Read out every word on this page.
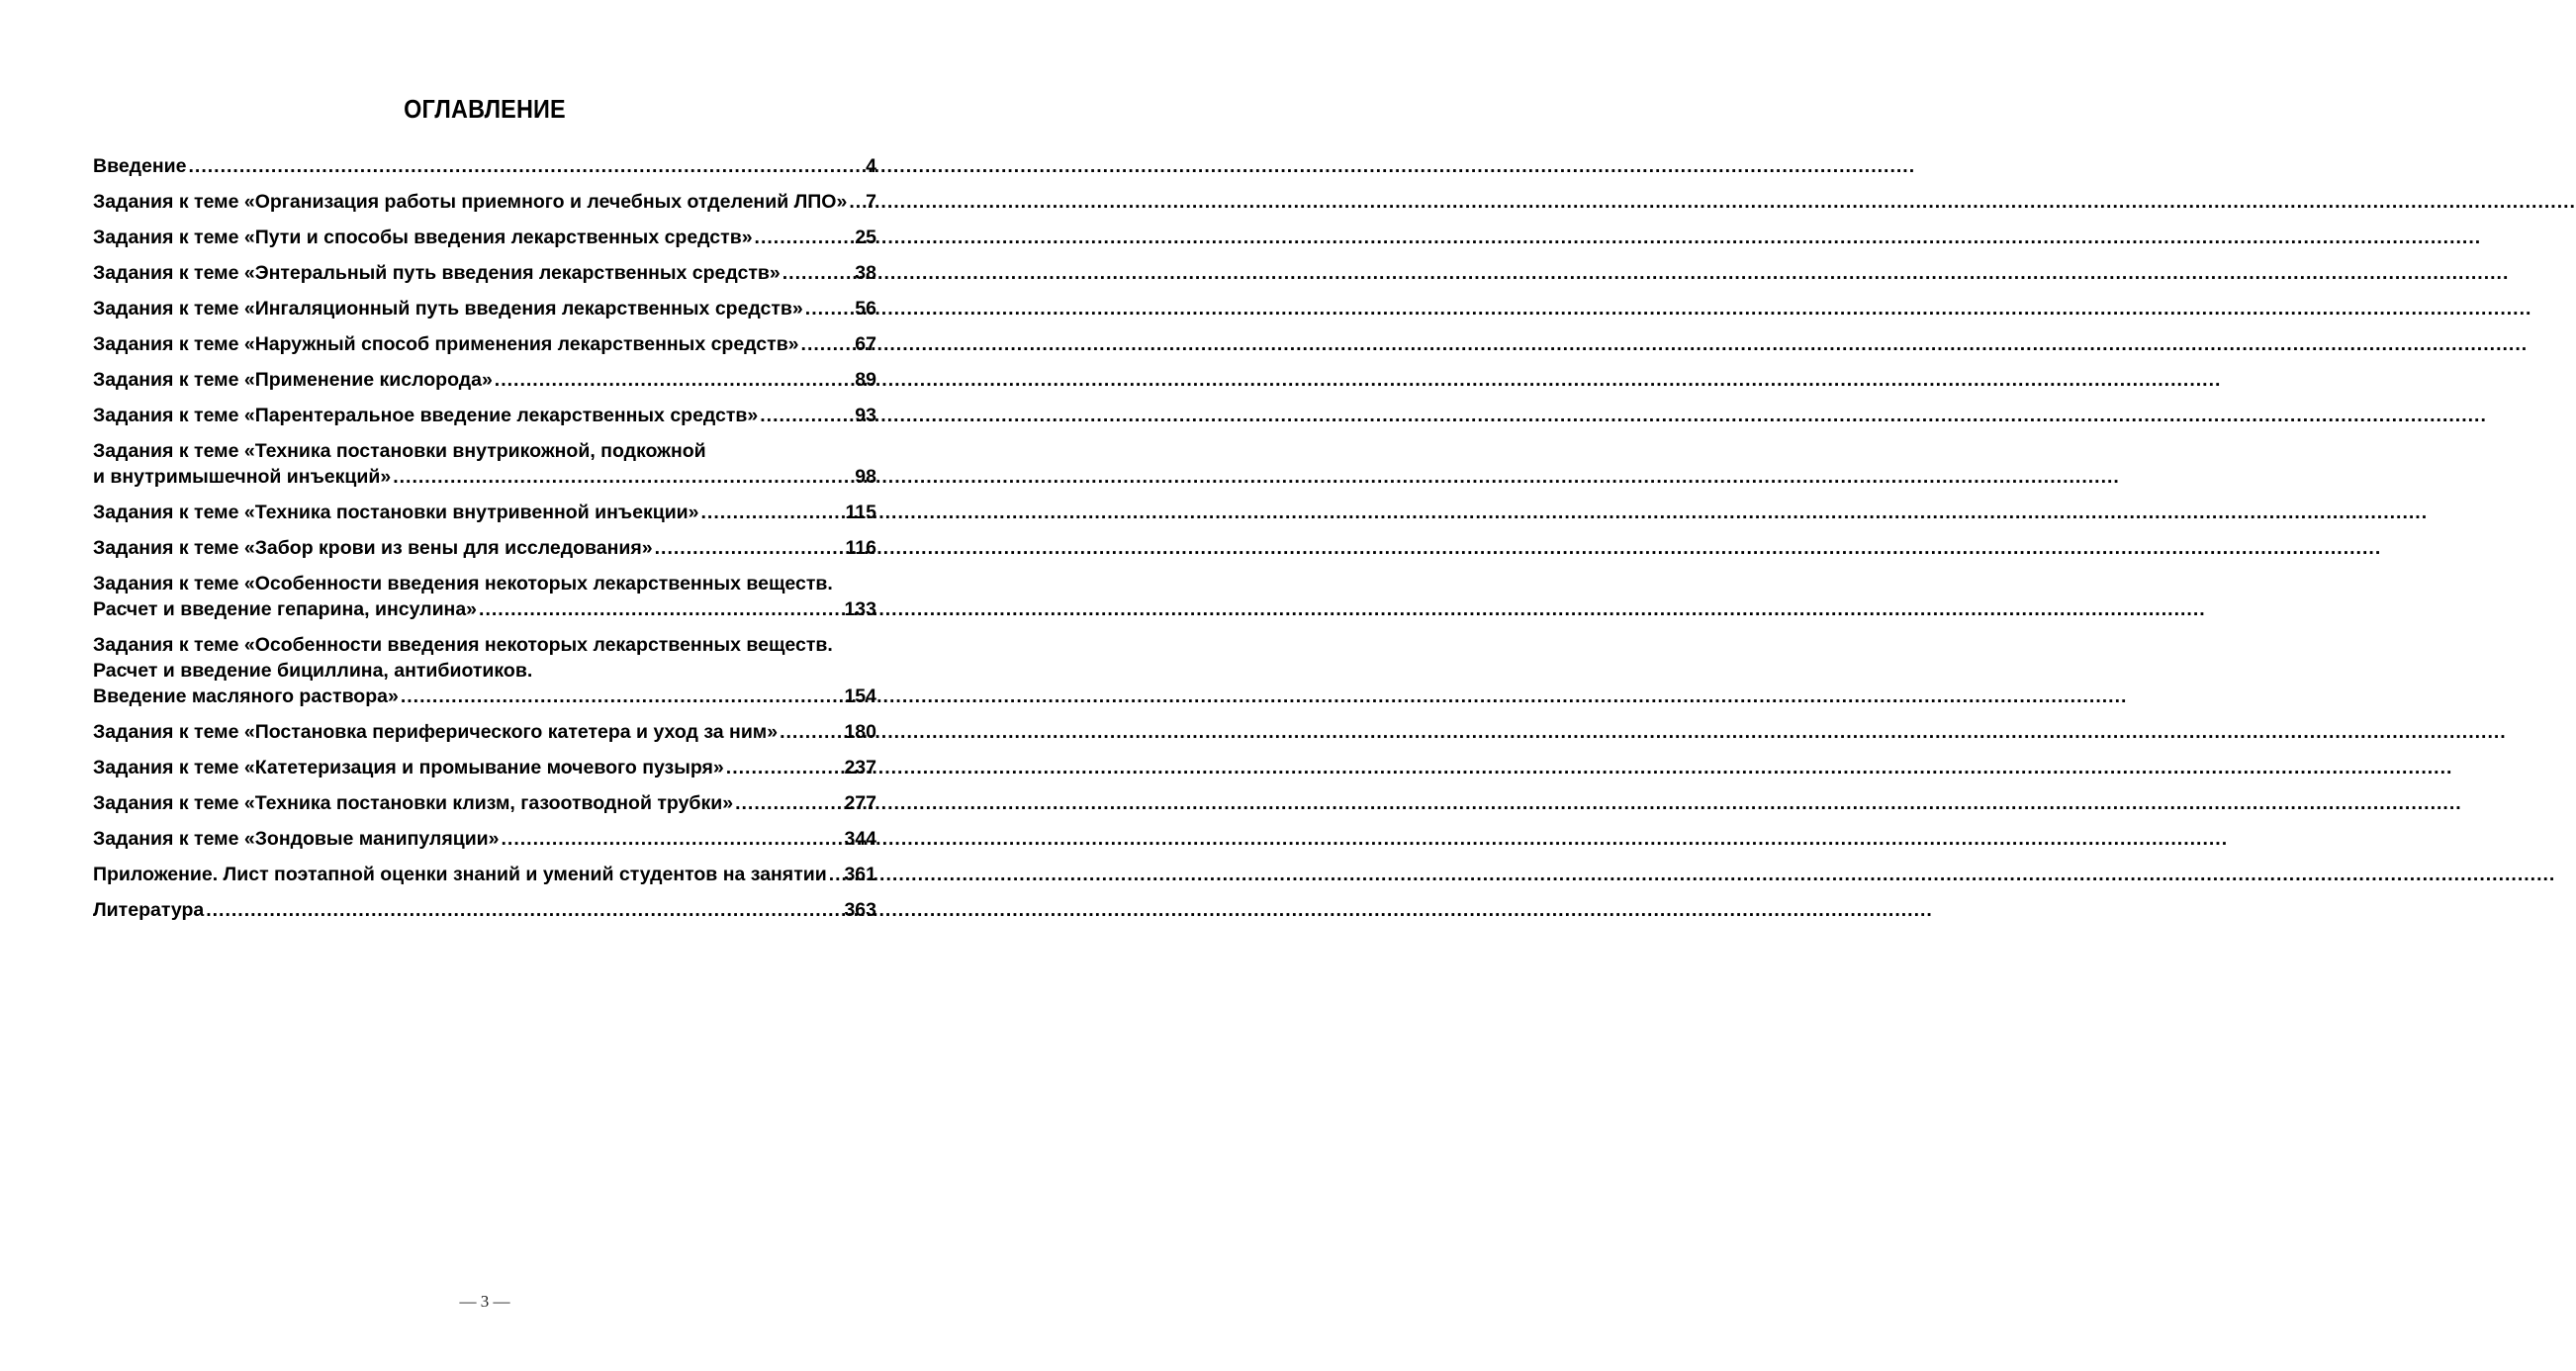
ОГЛАВЛЕНИЕ
Введение .....	4
Задания к теме «Организация работы приемного и лечебных отделений ЛПО» ..... 7
Задания к теме «Пути и способы введения лекарственных средств» .....	25
Задания к теме «Энтеральный путь введения лекарственных средств» .....	38
Задания к теме «Ингаляционный путь введения лекарственных средств» .....	56
Задания к теме «Наружный способ применения лекарственных средств» .....	67
Задания к теме «Применение кислорода» .....	89
Задания к теме «Парентеральное введение лекарственных средств» .....	93
Задания к теме «Техника постановки внутрикожной, подкожной
и внутримышечной инъекций» .....	98
Задания к теме «Техника постановки внутривенной инъекции» .....	115
Задания к теме «Забор крови из вены для исследования» .....	116
Задания к теме «Особенности введения некоторых лекарственных веществ.
Расчет и введение гепарина, инсулина» .....	133
Задания к теме «Особенности введения некоторых лекарственных веществ.
Расчет и введение бициллина, антибиотиков.
Введение масляного раствора» .....	154
Задания к теме «Постановка периферического катетера и уход за ним» .....	180
Задания к теме «Катетеризация и промывание мочевого пузыря» .....	237
Задания к теме «Техника постановки клизм, газоотводной трубки» .....	277
Задания к теме «Зондовые манипуляции» .....	344
Приложение. Лист поэтапной оценки знаний и умений студентов на занятии ..... 361
Литература .....	363
— 3 —
